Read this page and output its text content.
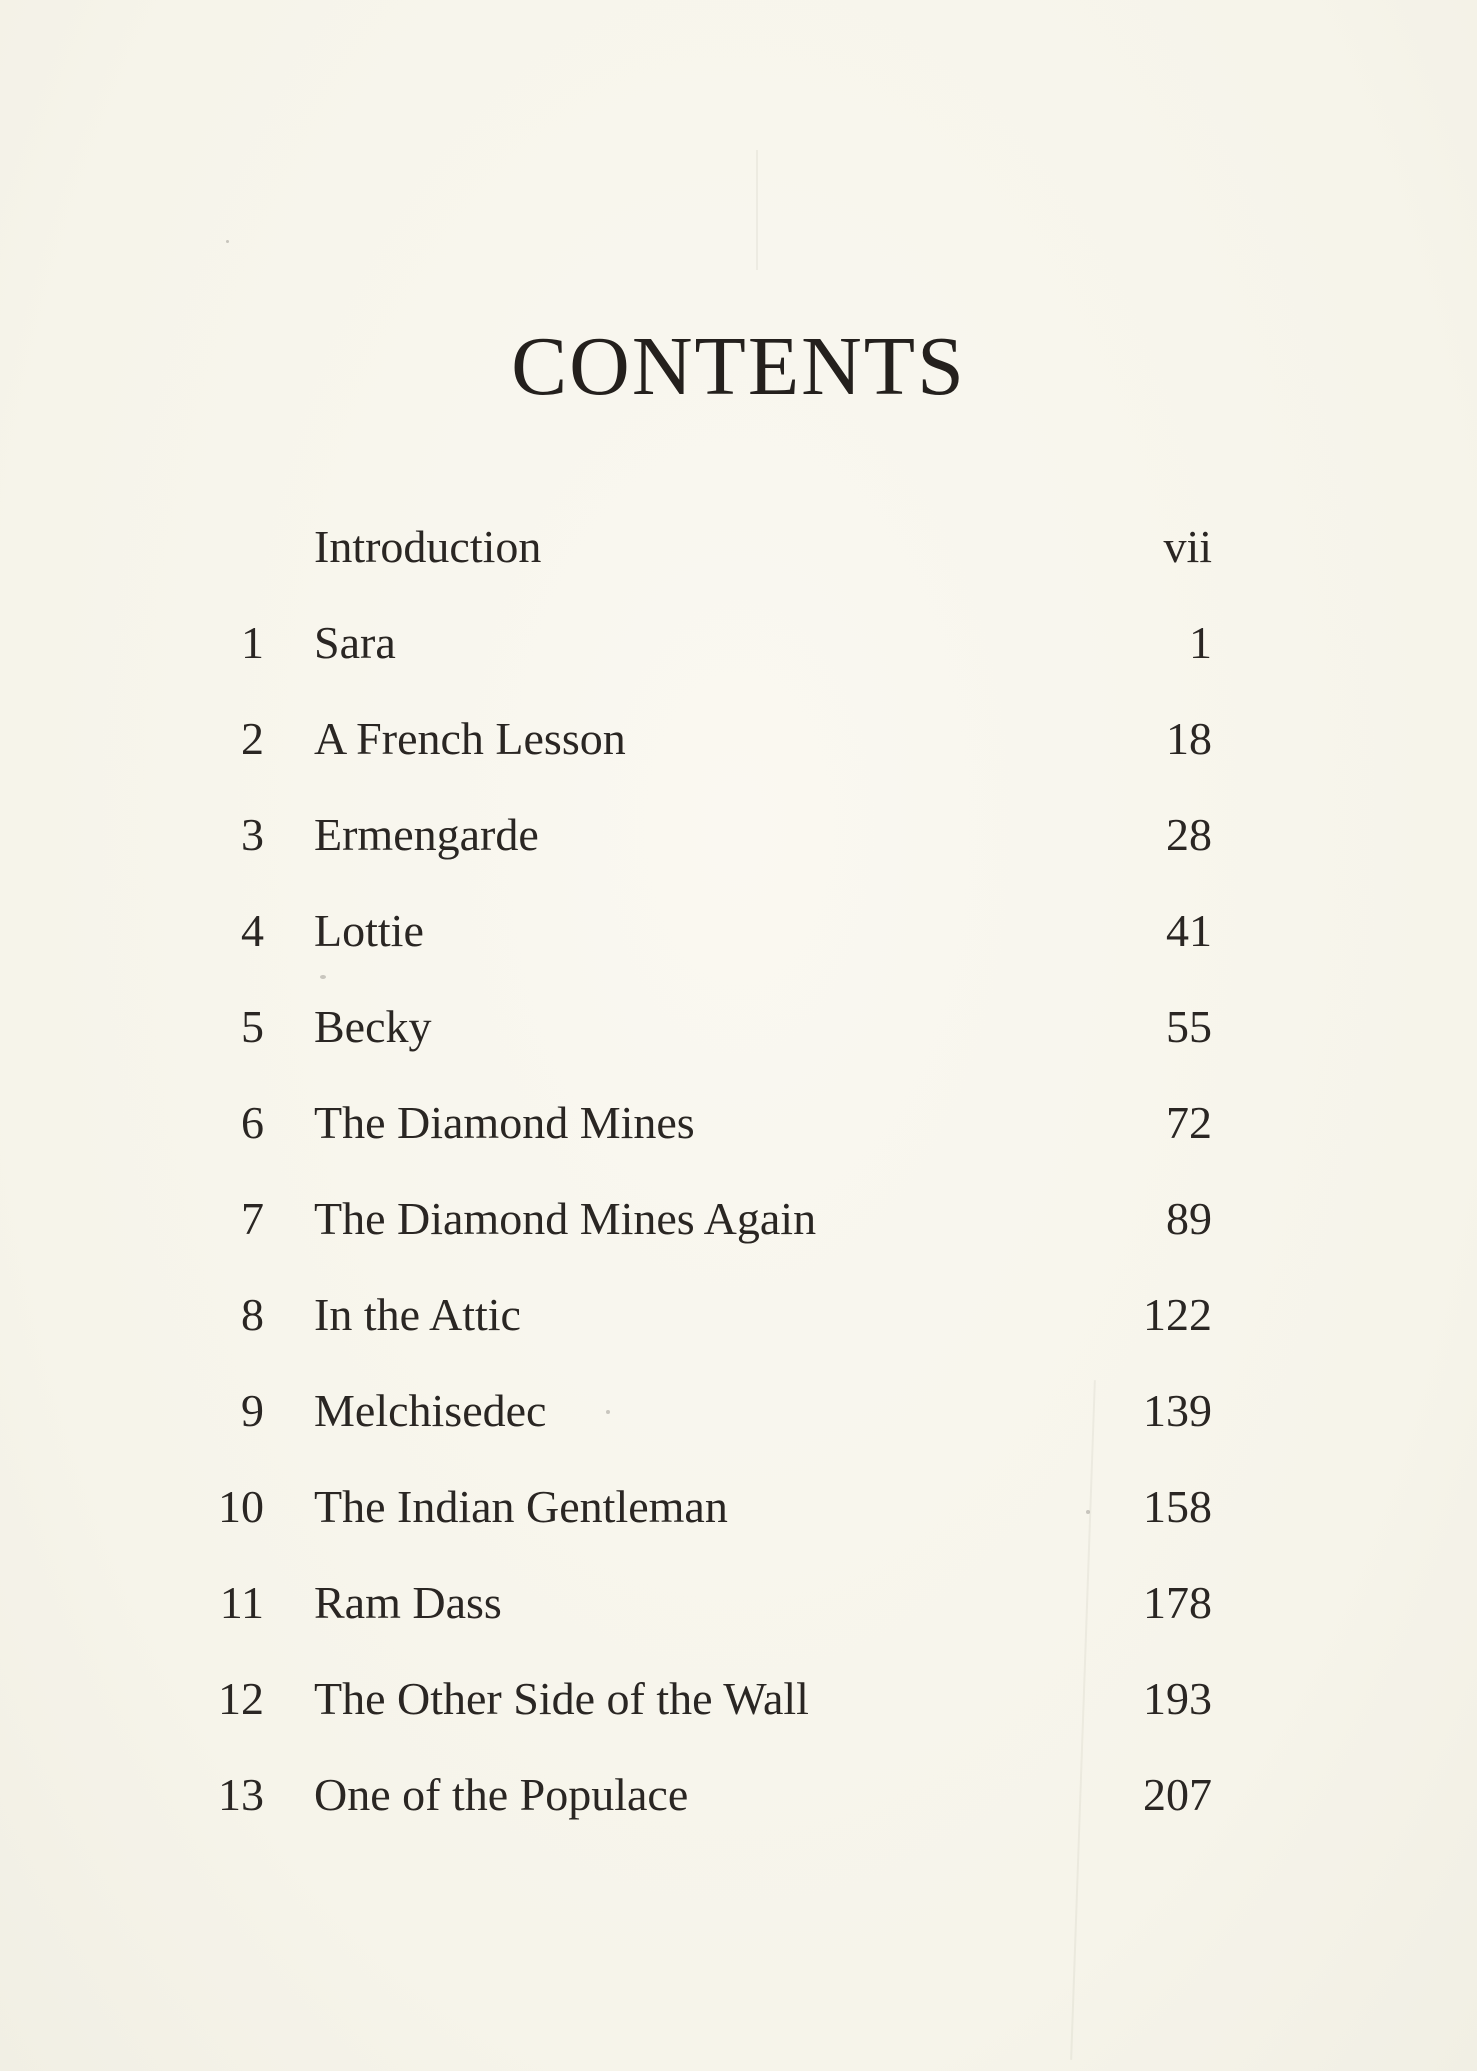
CONTENTS
Introduction	vii
1 Sara	1
2 A French Lesson	18
3 Ermengarde	28
4 Lottie	41
5 Becky	55
6 The Diamond Mines	72
7 The Diamond Mines Again	89
8 In the Attic	122
9 Melchisedec	139
10 The Indian Gentleman	158
11 Ram Dass	178
12 The Other Side of the Wall	193
13 One of the Populace	207
